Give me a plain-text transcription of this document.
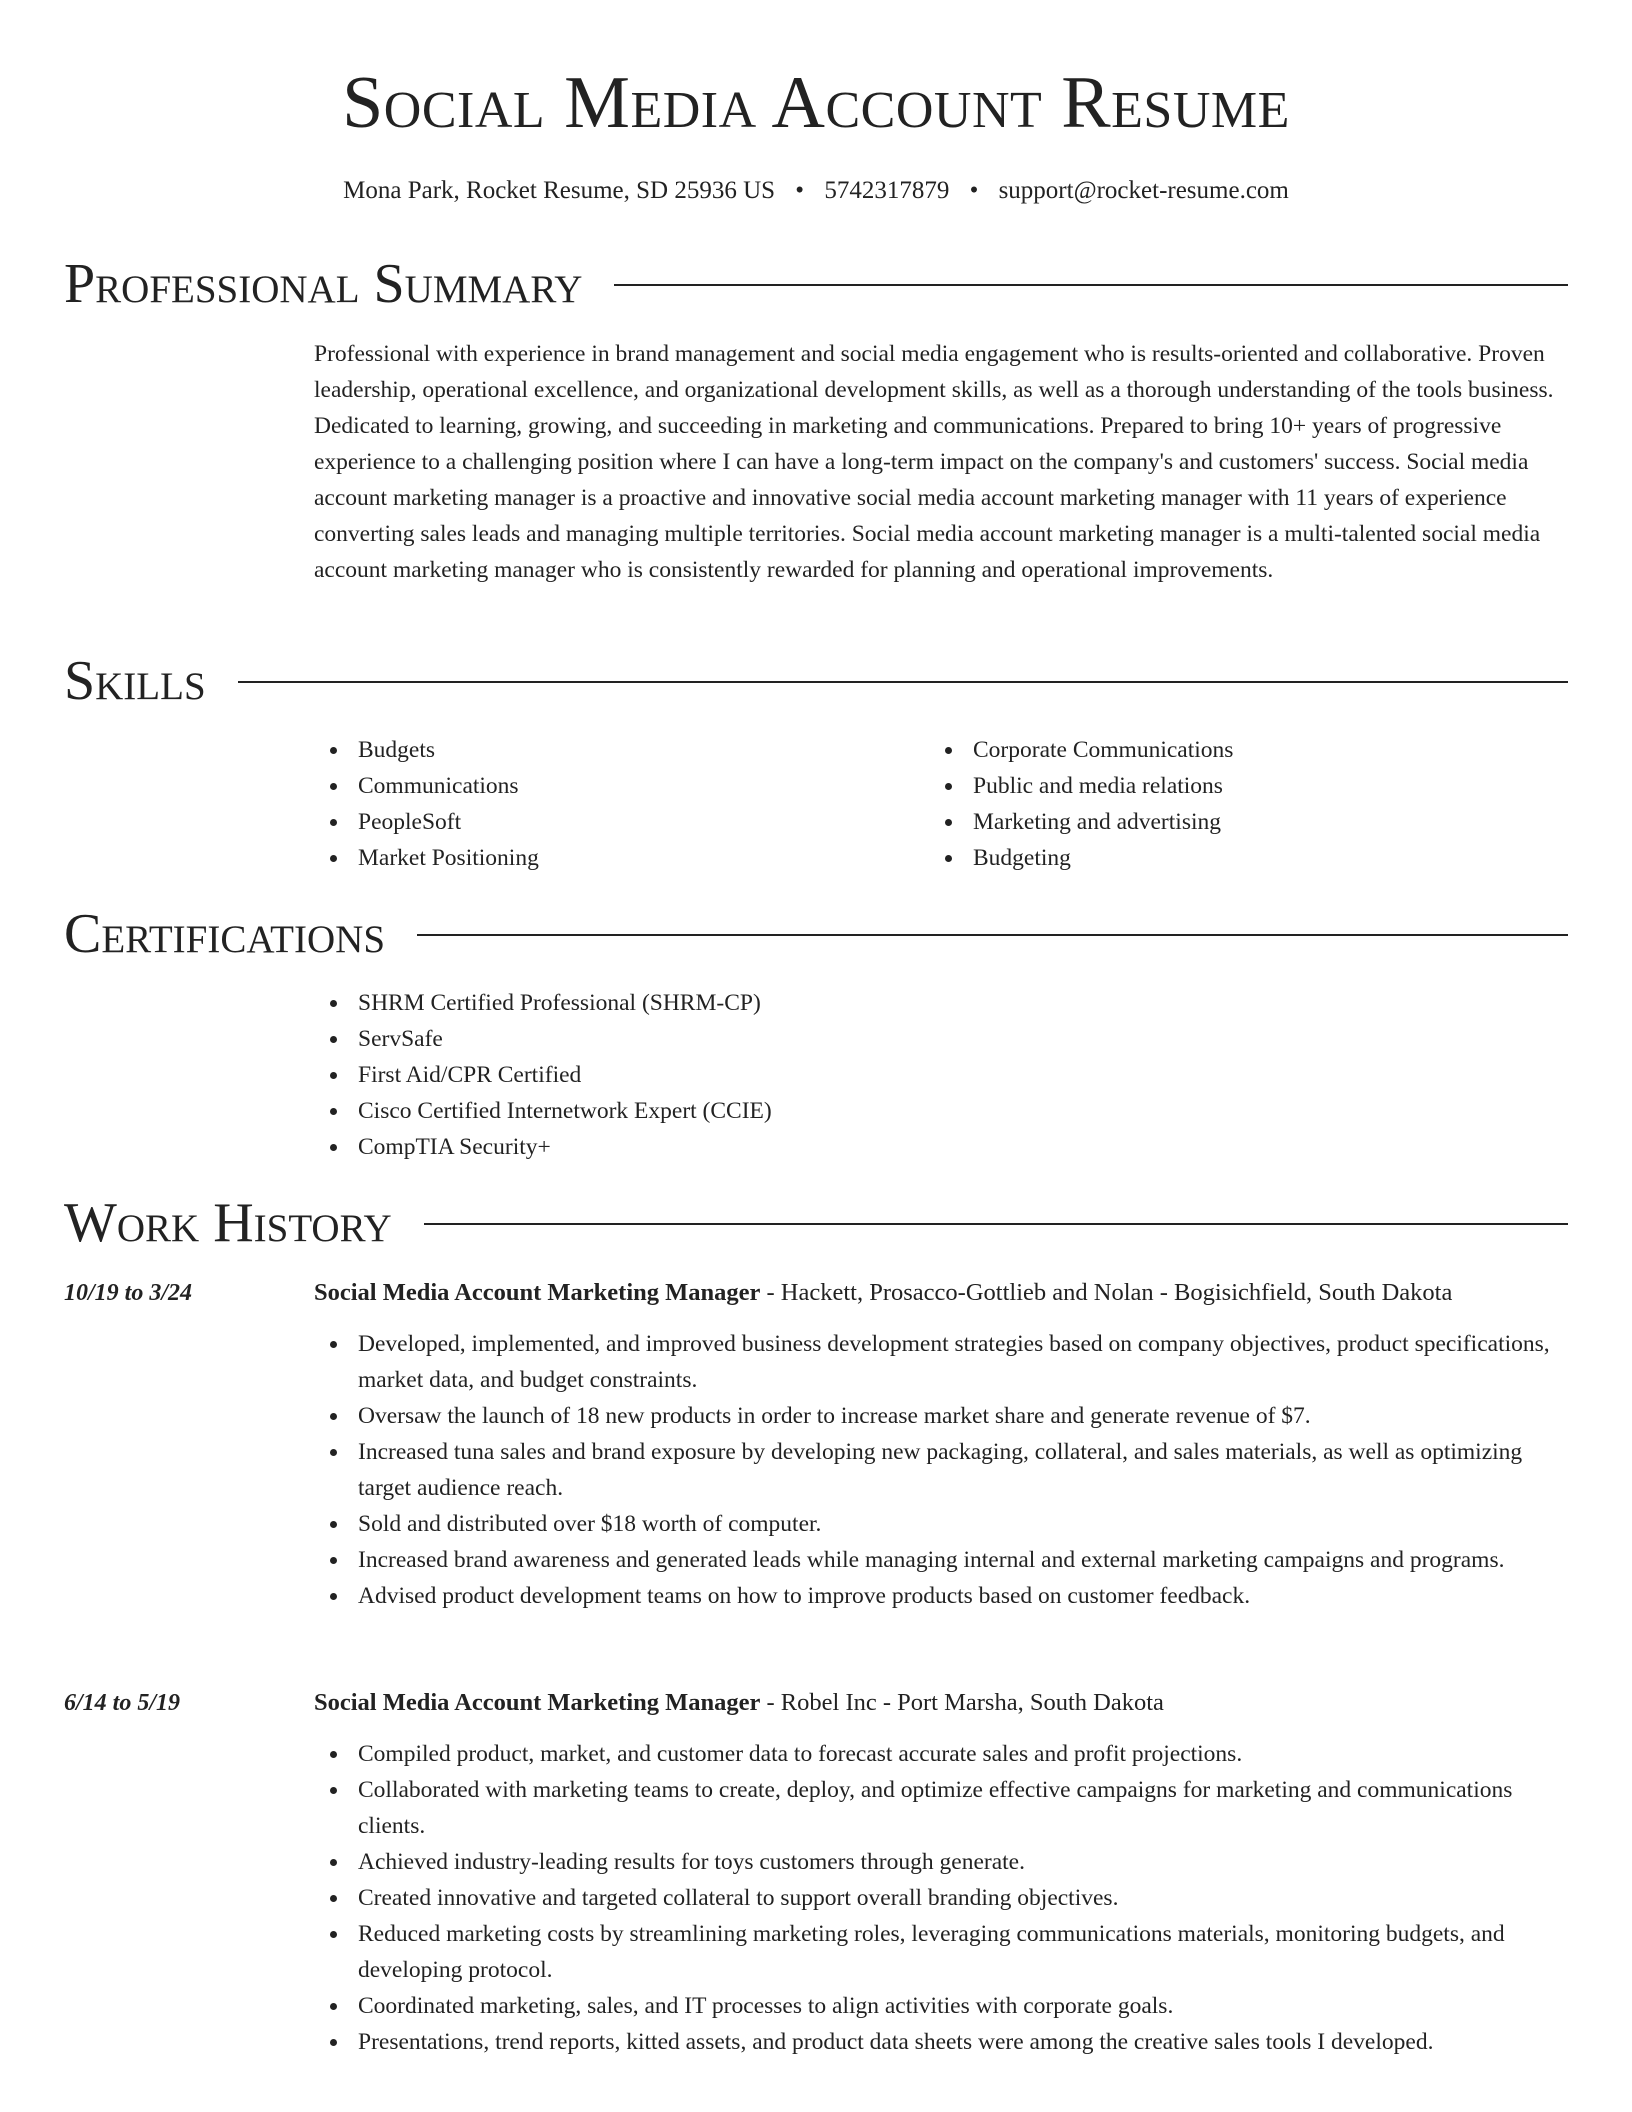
Social Media Account Resume
Mona Park, Rocket Resume, SD 25936 US • 5742317879 • support@rocket-resume.com
Professional Summary

Professional with experience in brand management and social media engagement who is results-oriented and collaborative. Proven leadership, operational excellence, and organizational development skills, as well as a thorough understanding of the tools business. Dedicated to learning, growing, and succeeding in marketing and communications. Prepared to bring 10+ years of progressive experience to a challenging position where I can have a long-term impact on the company's and customers' success. Social media account marketing manager is a proactive and innovative social media account marketing manager with 11 years of experience converting sales leads and managing multiple territories. Social media account marketing manager is a multi-talented social media account marketing manager who is consistently rewarded for planning and operational improvements.

Skills
Budgets
Communications
PeopleSoft
Market Positioning
Corporate Communications
Public and media relations
Marketing and advertising
Budgeting
Certifications
SHRM Certified Professional (SHRM-CP)
ServSafe
First Aid/CPR Certified
Cisco Certified Internetwork Expert (CCIE)
CompTIA Security+
Work History
10/19 to 3/24	Social Media Account Marketing Manager - Hackett, Prosacco-Gottlieb and Nolan - Bogisichfield, South Dakota
Developed, implemented, and improved business development strategies based on company objectives, product specifications, market data, and budget constraints.
Oversaw the launch of 18 new products in order to increase market share and generate revenue of $7.
Increased tuna sales and brand exposure by developing new packaging, collateral, and sales materials, as well as optimizing target audience reach.
Sold and distributed over $18 worth of computer.
Increased brand awareness and generated leads while managing internal and external marketing campaigns and programs.
Advised product development teams on how to improve products based on customer feedback.
6/14 to 5/19	Social Media Account Marketing Manager - Robel Inc - Port Marsha, South Dakota
Compiled product, market, and customer data to forecast accurate sales and profit projections.
Collaborated with marketing teams to create, deploy, and optimize effective campaigns for marketing and communications clients.
Achieved industry-leading results for toys customers through generate.
Created innovative and targeted collateral to support overall branding objectives.
Reduced marketing costs by streamlining marketing roles, leveraging communications materials, monitoring budgets, and developing protocol.
Coordinated marketing, sales, and IT processes to align activities with corporate goals.
Presentations, trend reports, kitted assets, and product data sheets were among the creative sales tools I developed.
